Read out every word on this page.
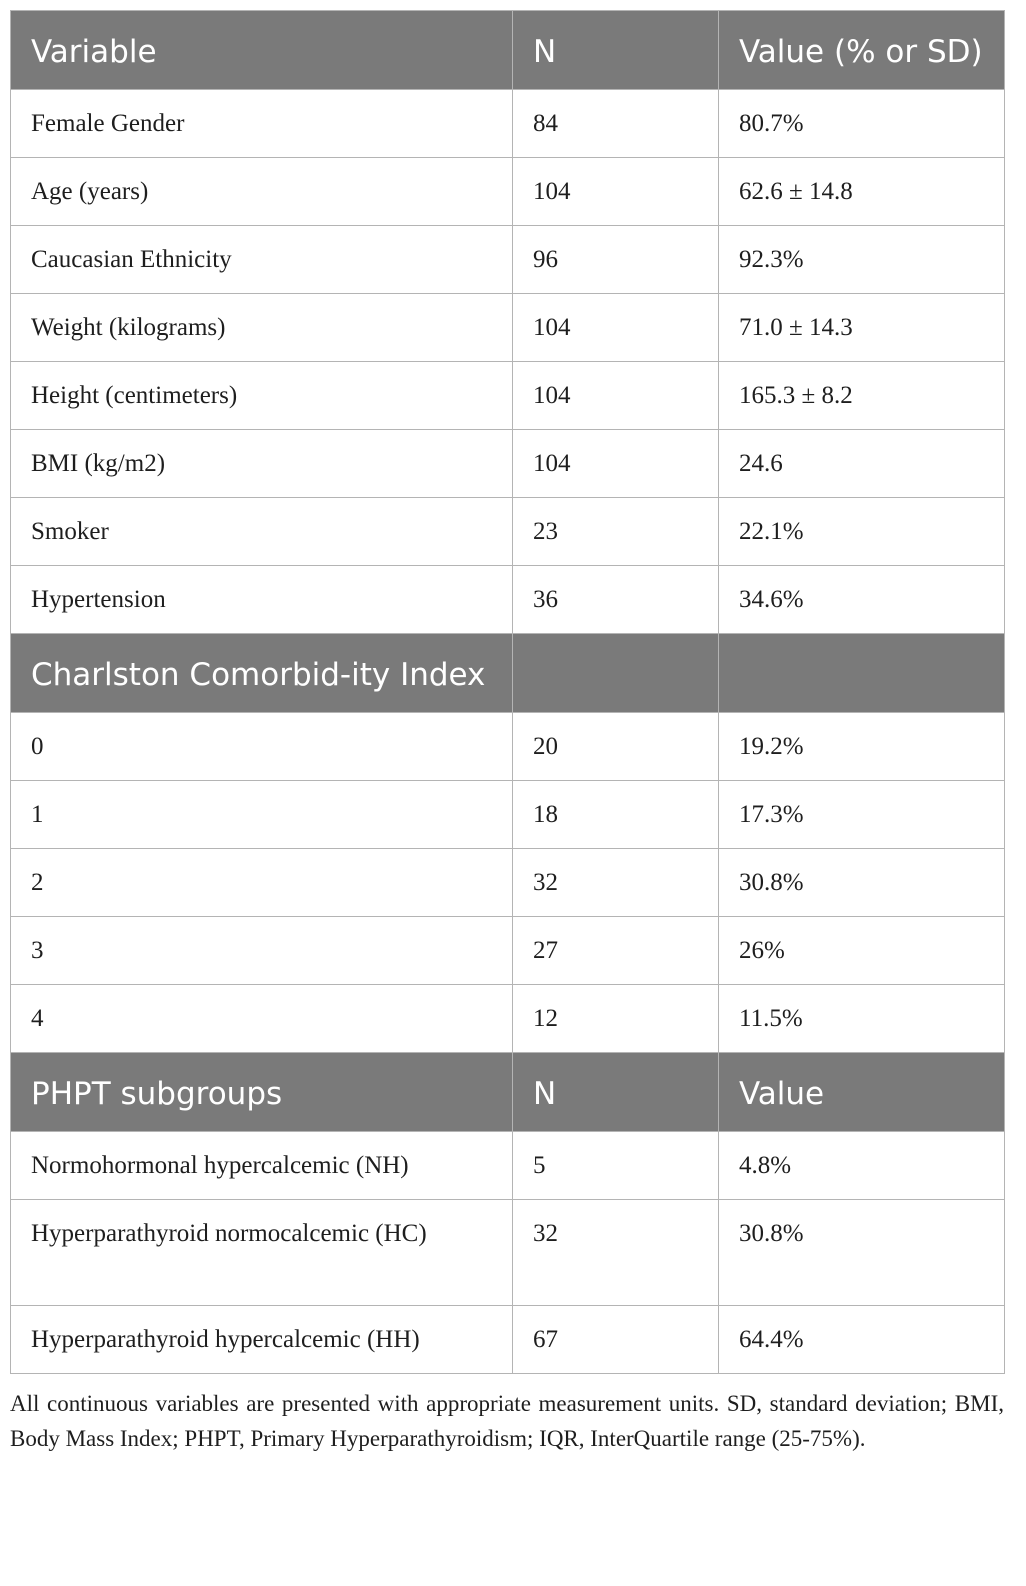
Variable	N	Value (% or SD)
Female Gender	84	80.7%
Age (years)	104	62.6 ± 14.8
Caucasian Ethnicity	96	92.3%
Weight (kilograms)	104	71.0 ± 14.3
Height (centimeters)	104	165.3 ± 8.2
BMI (kg/m2)	104	24.6
Smoker	23	22.1%
Hypertension	36	34.6%
Charlston Comorbid-ity Index		
0	20	19.2%
1	18	17.3%
2	32	30.8%
3	27	26%
4	12	11.5%
PHPT subgroups	N	Value
Normohormonal hypercalcemic (NH)	5	4.8%
Hyperparathyroid normocalcemic (HC)	32	30.8%
Hyperparathyroid hypercalcemic (HH)	67	64.4%
All continuous variables are presented with appropriate measurement units. SD, standard deviation; BMI, Body Mass Index; PHPT, Primary Hyperparathyroidism; IQR, InterQuartile range (25-75%).
